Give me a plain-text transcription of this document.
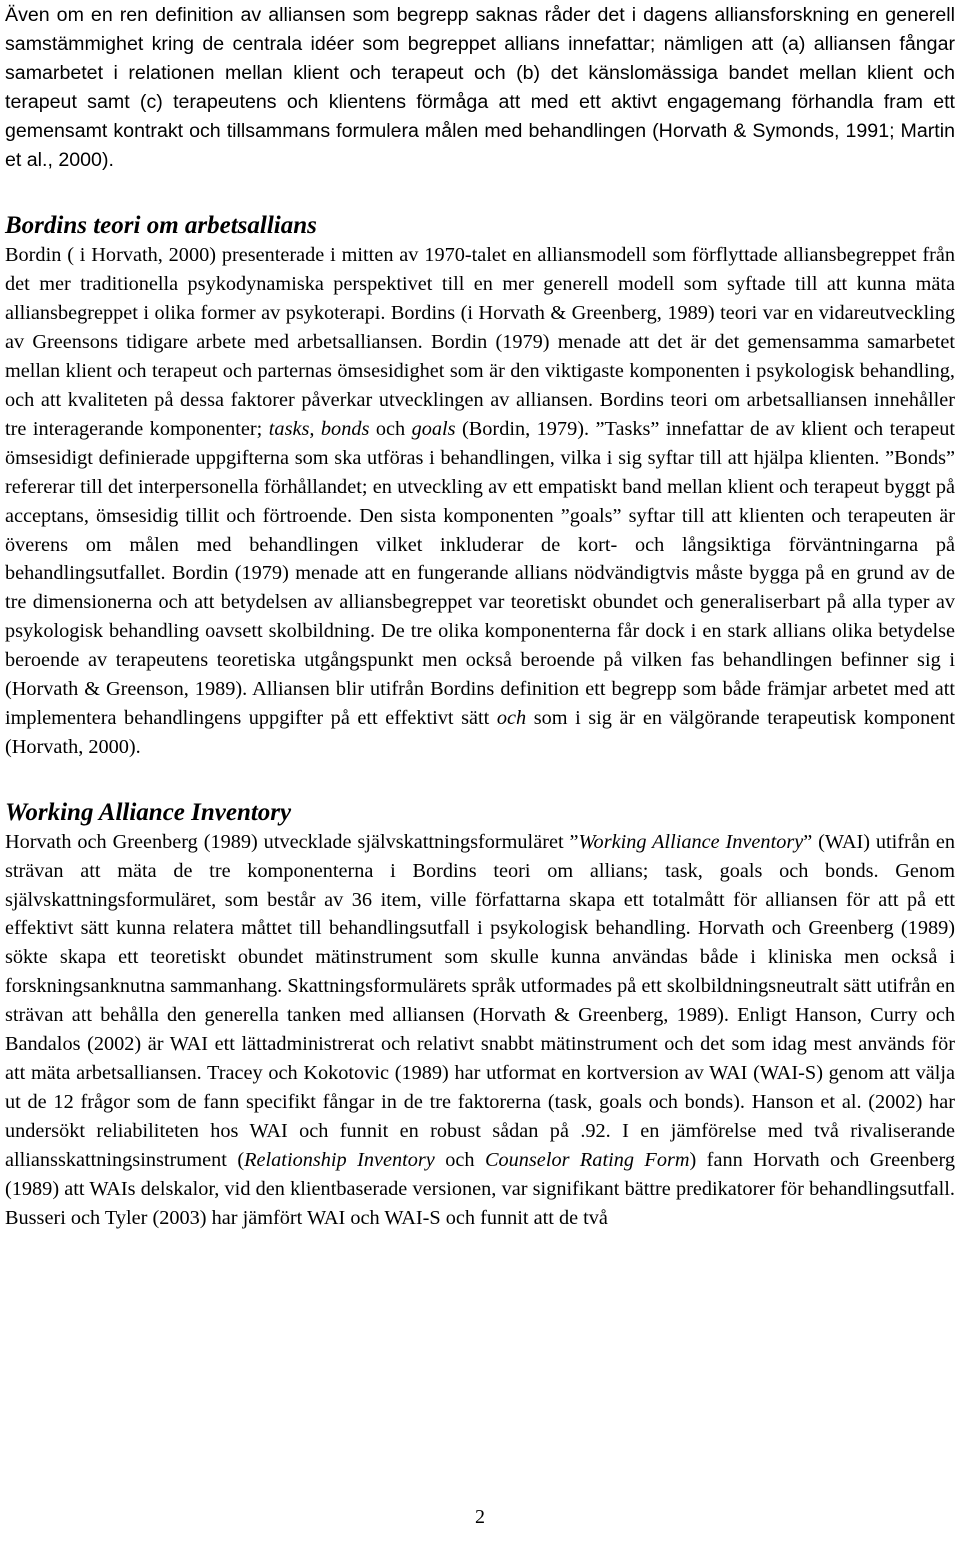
Även om en ren definition av alliansen som begrepp saknas råder det i dagens alliansforskning en generell samstämmighet kring de centrala idéer som begreppet allians innefattar; nämligen att (a) alliansen fångar samarbetet i relationen mellan klient och terapeut och (b) det känslomässiga bandet mellan klient och terapeut samt (c) terapeutens och klientens förmåga att med ett aktivt engagemang förhandla fram ett gemensamt kontrakt och tillsammans formulera målen med behandlingen (Horvath & Symonds, 1991; Martin et al., 2000).

Bordins teori om arbetsallians

Bordin ( i Horvath, 2000) presenterade i mitten av 1970-talet en alliansmodell som förflyttade alliansbegreppet från det mer traditionella psykodynamiska perspektivet till en mer generell modell som syftade till att kunna mäta alliansbegreppet i olika former av psykoterapi. Bordins (i Horvath & Greenberg, 1989) teori var en vidareutveckling av Greensons tidigare arbete med arbetsalliansen. Bordin (1979) menade att det är det gemensamma samarbetet mellan klient och terapeut och parternas ömsesidighet som är den viktigaste komponenten i psykologisk behandling, och att kvaliteten på dessa faktorer påverkar utvecklingen av alliansen. Bordins teori om arbetsalliansen innehåller tre interagerande komponenter; tasks, bonds och goals (Bordin, 1979). ”Tasks” innefattar de av klient och terapeut ömsesidigt definierade uppgifterna som ska utföras i behandlingen, vilka i sig syftar till att hjälpa klienten. ”Bonds” refererar till det interpersonella förhållandet; en utveckling av ett empatiskt band mellan klient och terapeut byggt på acceptans, ömsesidig tillit och förtroende. Den sista komponenten ”goals” syftar till att klienten och terapeuten är överens om målen med behandlingen vilket inkluderar de kort- och långsiktiga förväntningarna på behandlingsutfallet. Bordin (1979) menade att en fungerande allians nödvändigtvis måste bygga på en grund av de tre dimensionerna och att betydelsen av alliansbegreppet var teoretiskt obundet och generaliserbart på alla typer av psykologisk behandling oavsett skolbildning. De tre olika komponenterna får dock i en stark allians olika betydelse beroende av terapeutens teoretiska utgångspunkt men också beroende på vilken fas behandlingen befinner sig i (Horvath & Greenson, 1989). Alliansen blir utifrån Bordins definition ett begrepp som både främjar arbetet med att implementera behandlingens uppgifter på ett effektivt sätt och som i sig är en välgörande terapeutisk komponent (Horvath, 2000).

Working Alliance Inventory

Horvath och Greenberg (1989) utvecklade självskattningsformuläret ”Working Alliance Inventory” (WAI) utifrån en strävan att mäta de tre komponenterna i Bordins teori om allians; task, goals och bonds. Genom självskattningsformuläret, som består av 36 item, ville författarna skapa ett totalmått för alliansen för att på ett effektivt sätt kunna relatera måttet till behandlingsutfall i psykologisk behandling. Horvath och Greenberg (1989) sökte skapa ett teoretiskt obundet mätinstrument som skulle kunna användas både i kliniska men också i forskningsanknutna sammanhang. Skattningsformulärets språk utformades på ett skolbildningsneutralt sätt utifrån en strävan att behålla den generella tanken med alliansen (Horvath & Greenberg, 1989). Enligt Hanson, Curry och Bandalos (2002) är WAI ett lättadministrerat och relativt snabbt mätinstrument och det som idag mest används för att mäta arbetsalliansen. Tracey och Kokotovic (1989) har utformat en kortversion av WAI (WAI-S) genom att välja ut de 12 frågor som de fann specifikt fångar in de tre faktorerna (task, goals och bonds). Hanson et al. (2002) har undersökt reliabiliteten hos WAI och funnit en robust sådan på .92. I en jämförelse med två rivaliserande alliansskattningsinstrument (Relationship Inventory och Counselor Rating Form) fann Horvath och Greenberg (1989) att WAIs delskalor, vid den klientbaserade versionen, var signifikant bättre predikatorer för behandlingsutfall. Busseri och Tyler (2003) har jämfört WAI och WAI-S och funnit att de två

2
